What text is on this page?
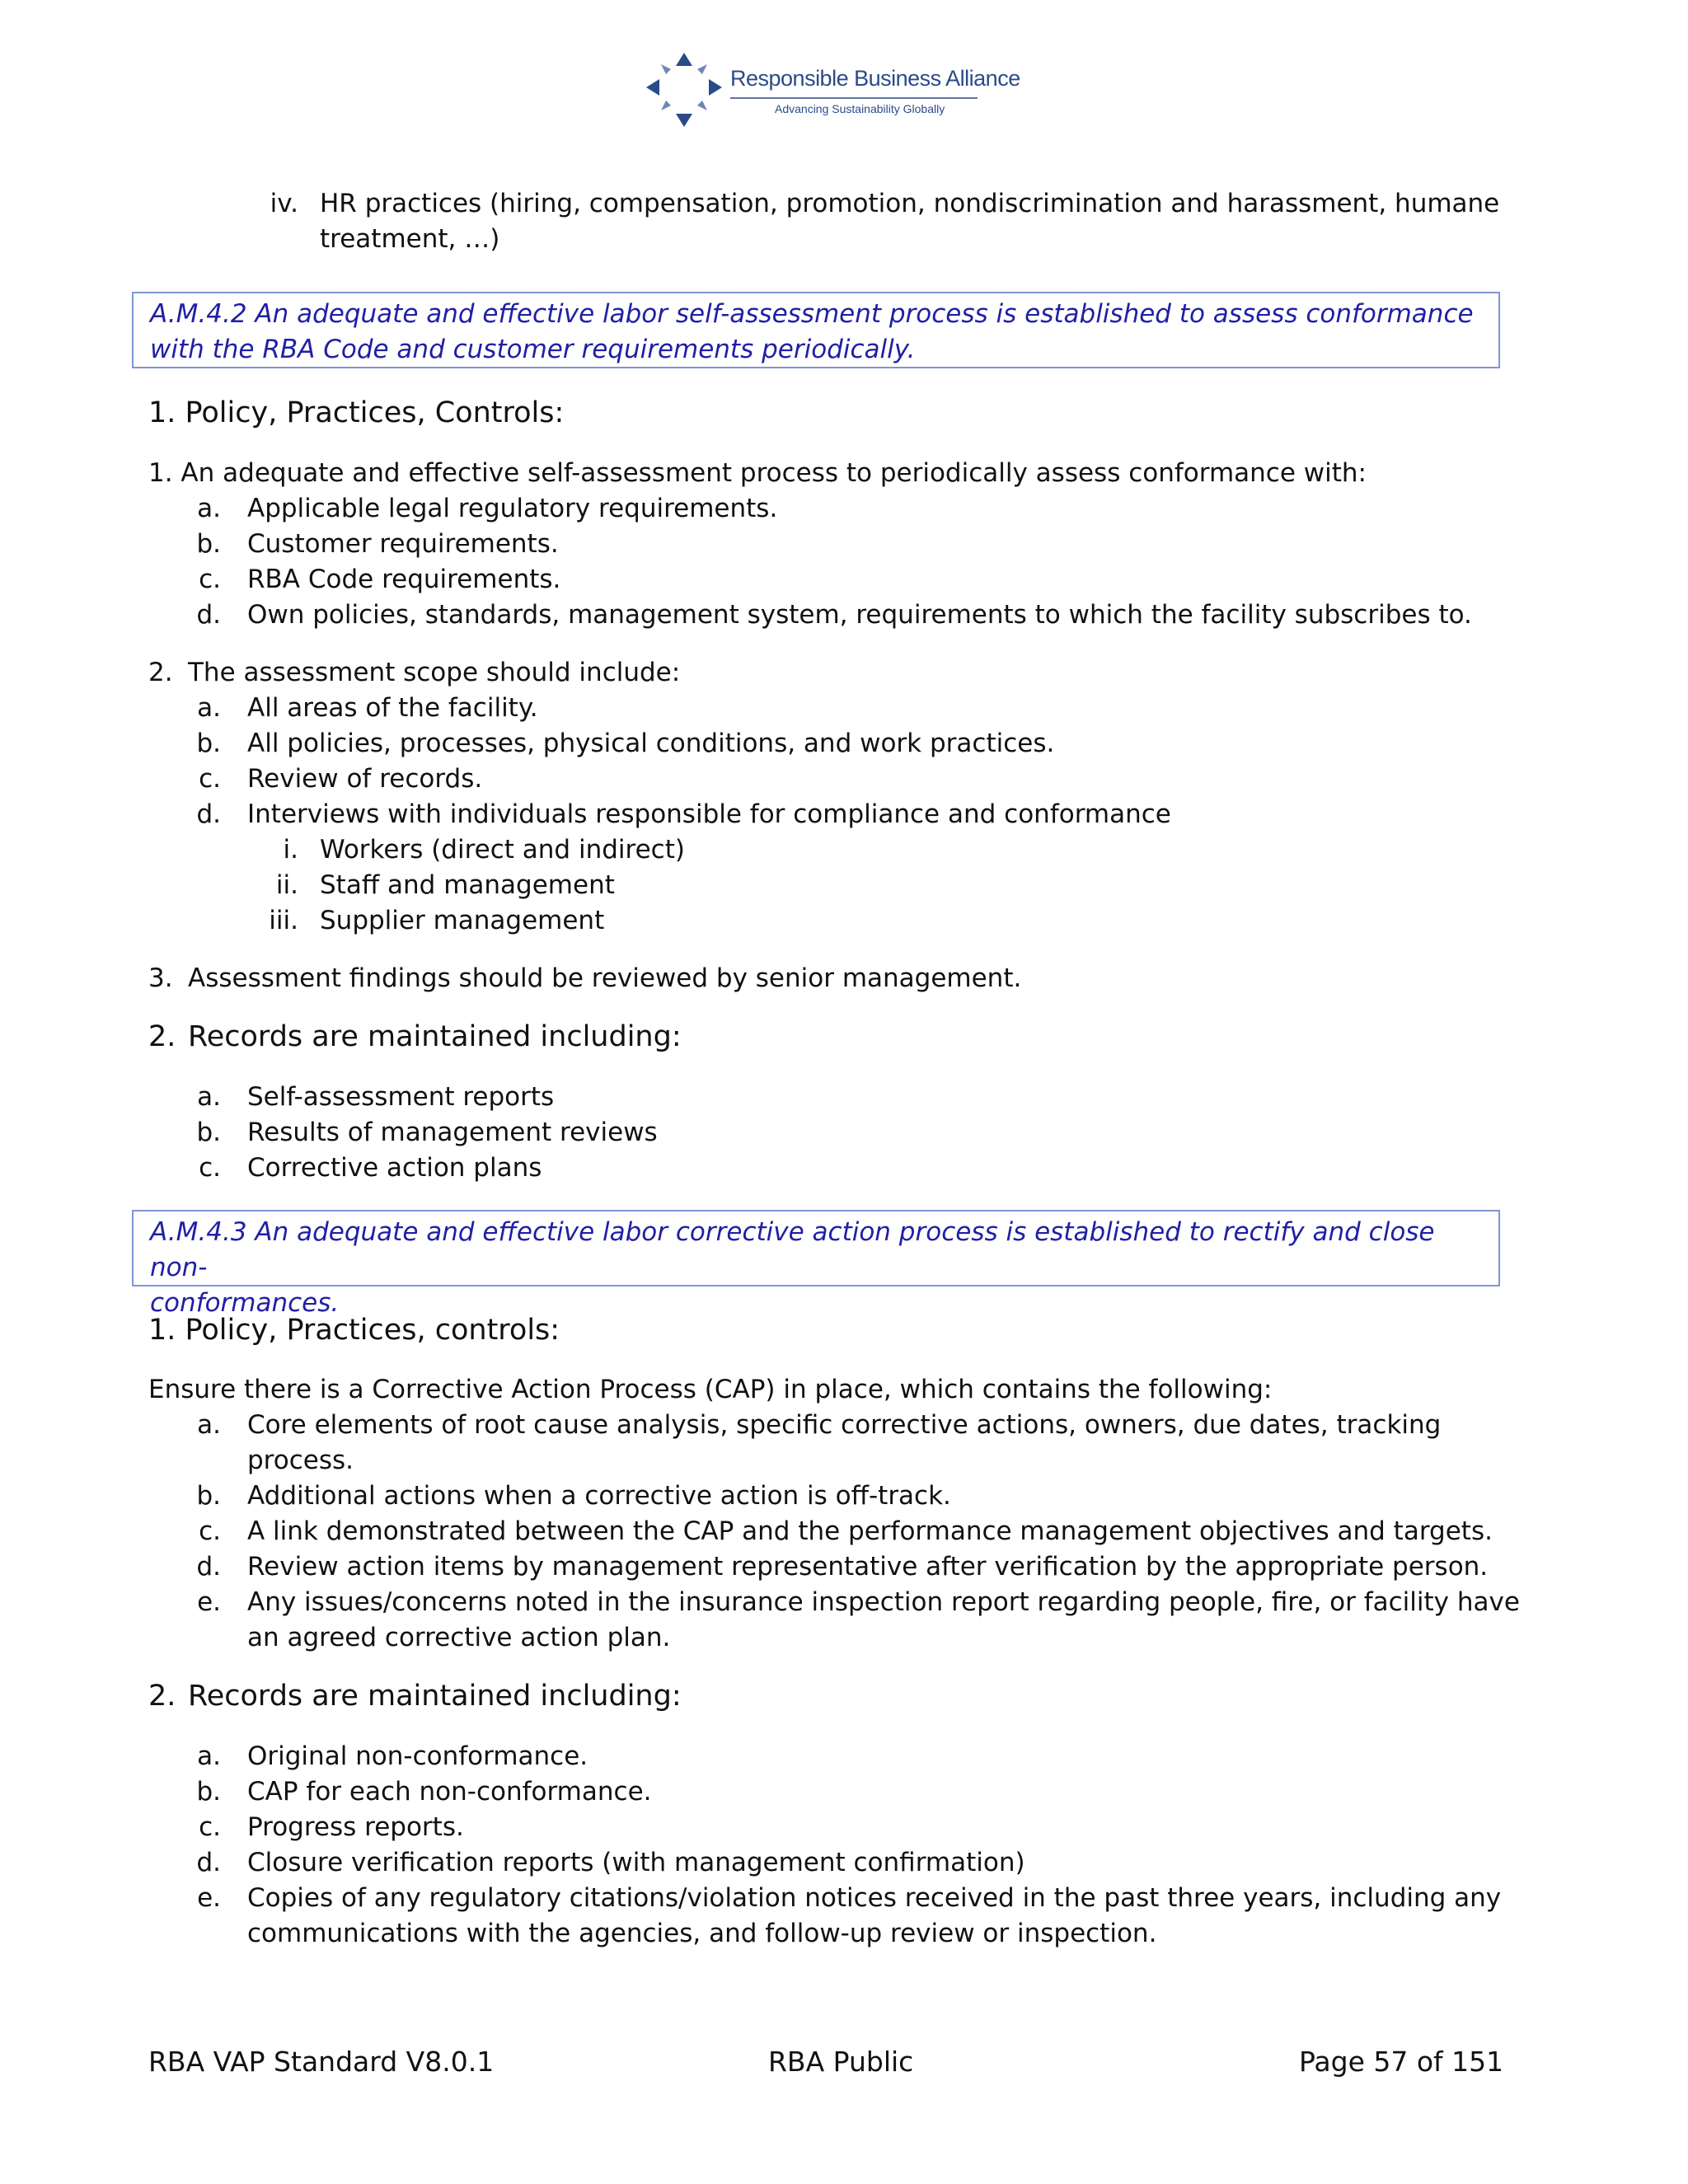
Responsible Business Alliance
Advancing Sustainability Globally
iv. HR practices (hiring, compensation, promotion, nondiscrimination and harassment, humane
treatment, …)
A.M.4.2 An adequate and effective labor self-assessment process is established to assess conformance
with the RBA Code and customer requirements periodically.
1. Policy, Practices, Controls:
1. An adequate and effective self-assessment process to periodically assess conformance with:
a. Applicable legal regulatory requirements.
b. Customer requirements.
c. RBA Code requirements.
d. Own policies, standards, management system, requirements to which the facility subscribes to.
2. The assessment scope should include:
a. All areas of the facility.
b. All policies, processes, physical conditions, and work practices.
c. Review of records.
d. Interviews with individuals responsible for compliance and conformance
i. Workers (direct and indirect)
ii. Staff and management
iii. Supplier management
3. Assessment findings should be reviewed by senior management.
2. Records are maintained including:
a. Self-assessment reports
b. Results of management reviews
c. Corrective action plans
A.M.4.3 An adequate and effective labor corrective action process is established to rectify and close non-
conformances.
1. Policy, Practices, controls:
Ensure there is a Corrective Action Process (CAP) in place, which contains the following:
a. Core elements of root cause analysis, specific corrective actions, owners, due dates, tracking
process.
b. Additional actions when a corrective action is off-track.
c. A link demonstrated between the CAP and the performance management objectives and targets.
d. Review action items by management representative after verification by the appropriate person.
e. Any issues/concerns noted in the insurance inspection report regarding people, fire, or facility have
an agreed corrective action plan.
2. Records are maintained including:
a. Original non-conformance.
b. CAP for each non-conformance.
c. Progress reports.
d. Closure verification reports (with management confirmation)
e. Copies of any regulatory citations/violation notices received in the past three years, including any
communications with the agencies, and follow-up review or inspection.
RBA VAP Standard V8.0.1	RBA Public	Page 57 of 151
